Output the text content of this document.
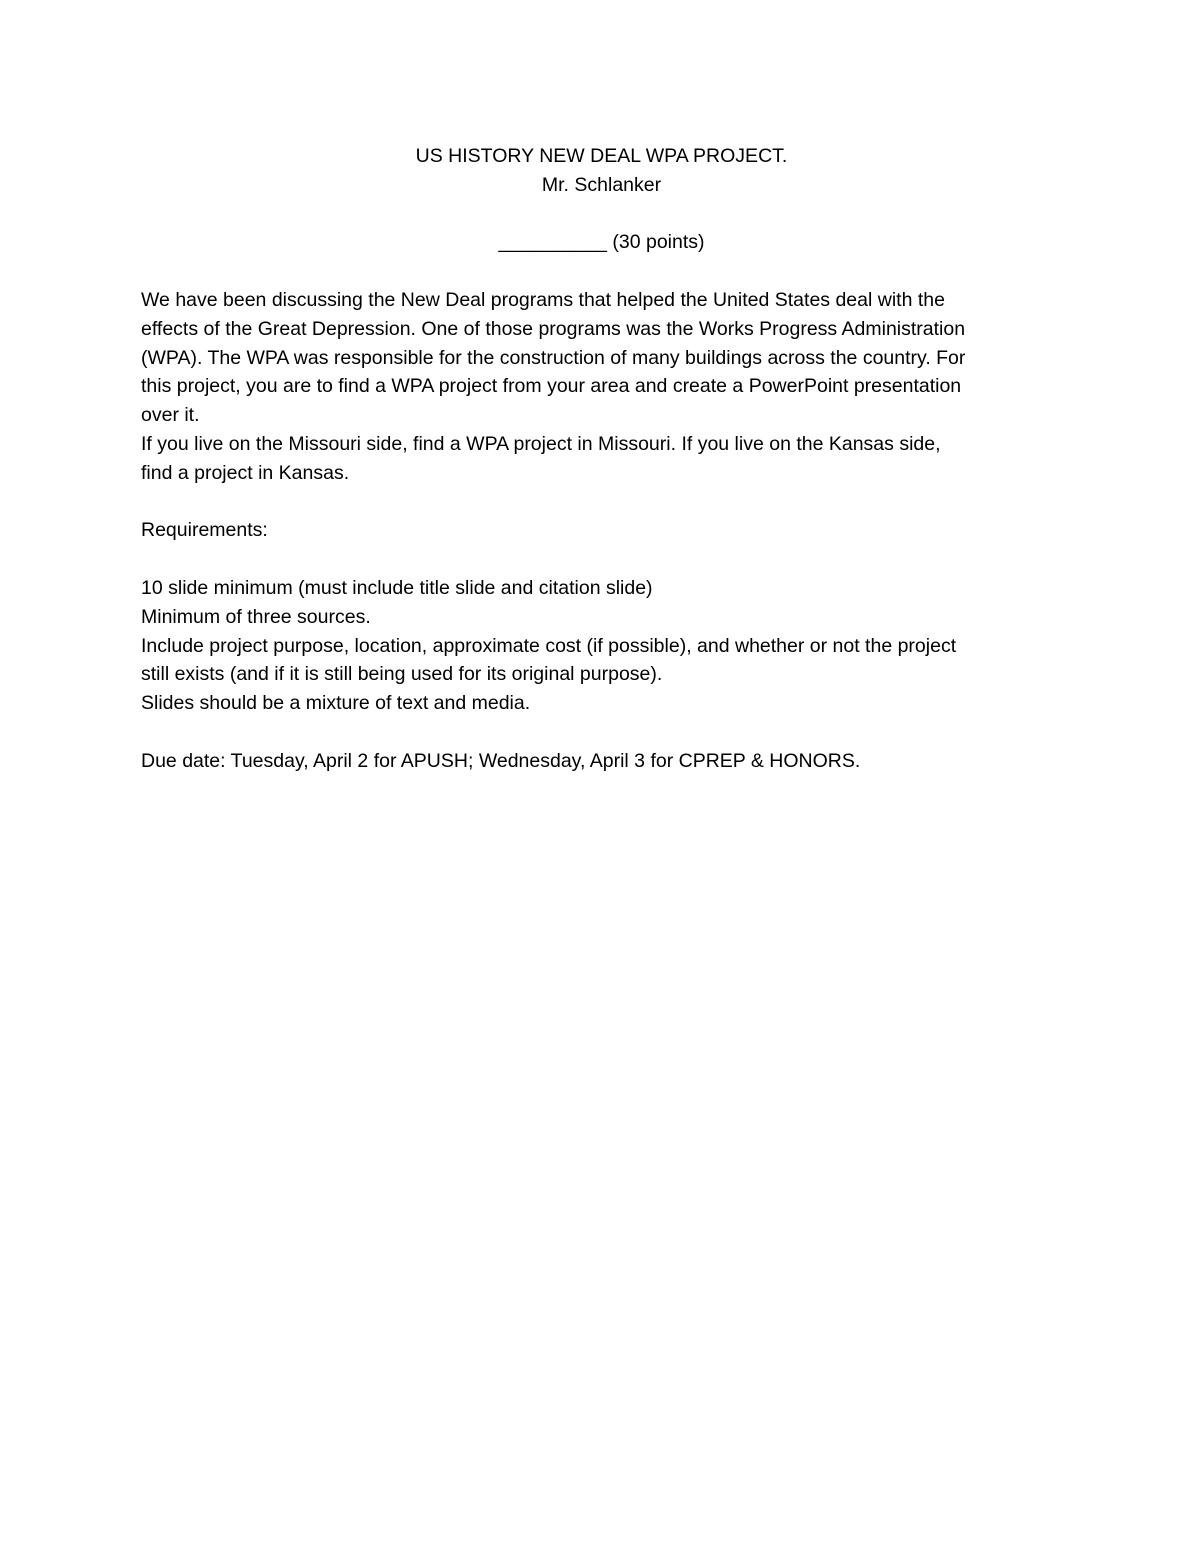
US HISTORY NEW DEAL WPA PROJECT.
Mr. Schlanker
__________ (30 points)
We have been discussing the New Deal programs that helped the United States deal with the
effects of the Great Depression. One of those programs was the Works Progress Administration
(WPA). The WPA was responsible for the construction of many buildings across the country. For
this project, you are to find a WPA project from your area and create a PowerPoint presentation
over it.
If you live on the Missouri side, find a WPA project in Missouri. If you live on the Kansas side,
find a project in Kansas.
Requirements:
10 slide minimum (must include title slide and citation slide)
Minimum of three sources.
Include project purpose, location, approximate cost (if possible), and whether or not the project
still exists (and if it is still being used for its original purpose).
Slides should be a mixture of text and media.
Due date: Tuesday, April 2 for APUSH; Wednesday, April 3 for CPREP & HONORS.
